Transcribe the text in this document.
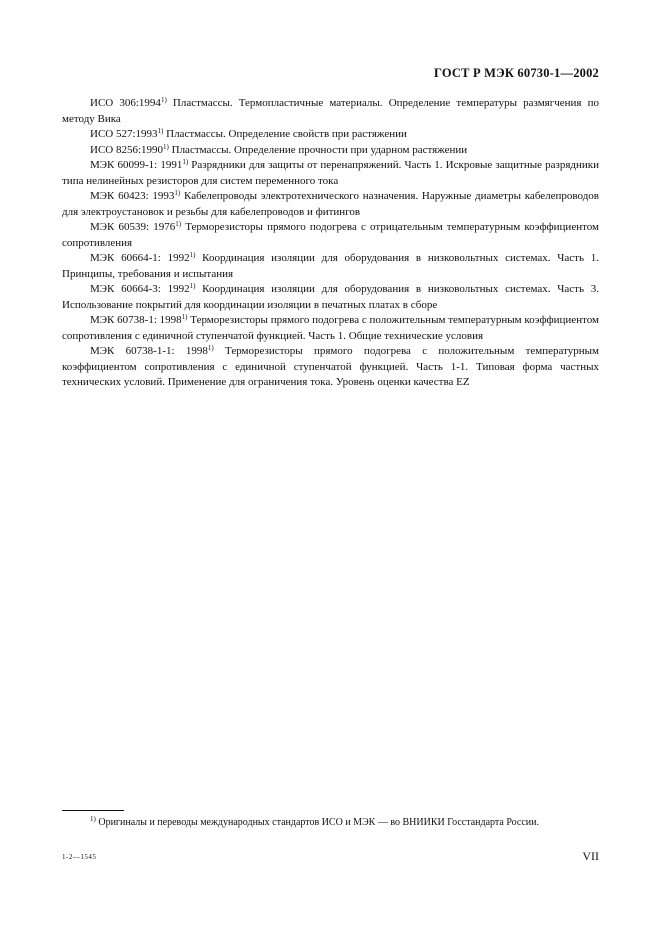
ГОСТ Р МЭК 60730-1—2002

ИСО 306:1994$^{1)}$ Пластмассы. Термопластичные материалы. Определение температуры размягчения по методу Вика

ИСО 527:1993$^{1)}$ Пластмассы. Определение свойств при растяжении

ИСО 8256:1990$^{1)}$ Пластмассы. Определение прочности при ударном растяжении

МЭК 60099-1: 1991$^{1)}$ Разрядники для защиты от перенапряжений. Часть 1. Искровые защитные разрядники типа нелинейных резисторов для систем переменного тока

МЭК 60423: 1993$^{1)}$ Кабелепроводы электротехнического назначения. Наружные диаметры кабелепроводов для электроустановок и резьбы для кабелепроводов и фитингов

МЭК 60539: 1976$^{1)}$ Терморезисторы прямого подогрева с отрицательным температурным коэффициентом сопротивления

МЭК 60664-1: 1992$^{1)}$ Координация изоляции для оборудования в низковольтных системах. Часть 1. Принципы, требования и испытания

МЭК 60664-3: 1992$^{1)}$ Координация изоляции для оборудования в низковольтных системах. Часть 3. Использование покрытий для координации изоляции в печатных платах в сборе

МЭК 60738-1: 1998$^{1)}$ Терморезисторы прямого подогрева с положительным температурным коэффициентом сопротивления с единичной ступенчатой функцией. Часть 1. Общие технические условия

МЭК 60738-1-1: 1998$^{1)}$ Терморезисторы прямого подогрева с положительным температурным коэффициентом сопротивления с единичной ступенчатой функцией. Часть 1-1. Типовая форма частных технических условий. Применение для ограничения тока. Уровень оценки качества EZ

$^{1)}$ Оригиналы и переводы международных стандартов ИСО и МЭК — во ВНИИКИ Госстандарта России.
1-2—1545	VII
